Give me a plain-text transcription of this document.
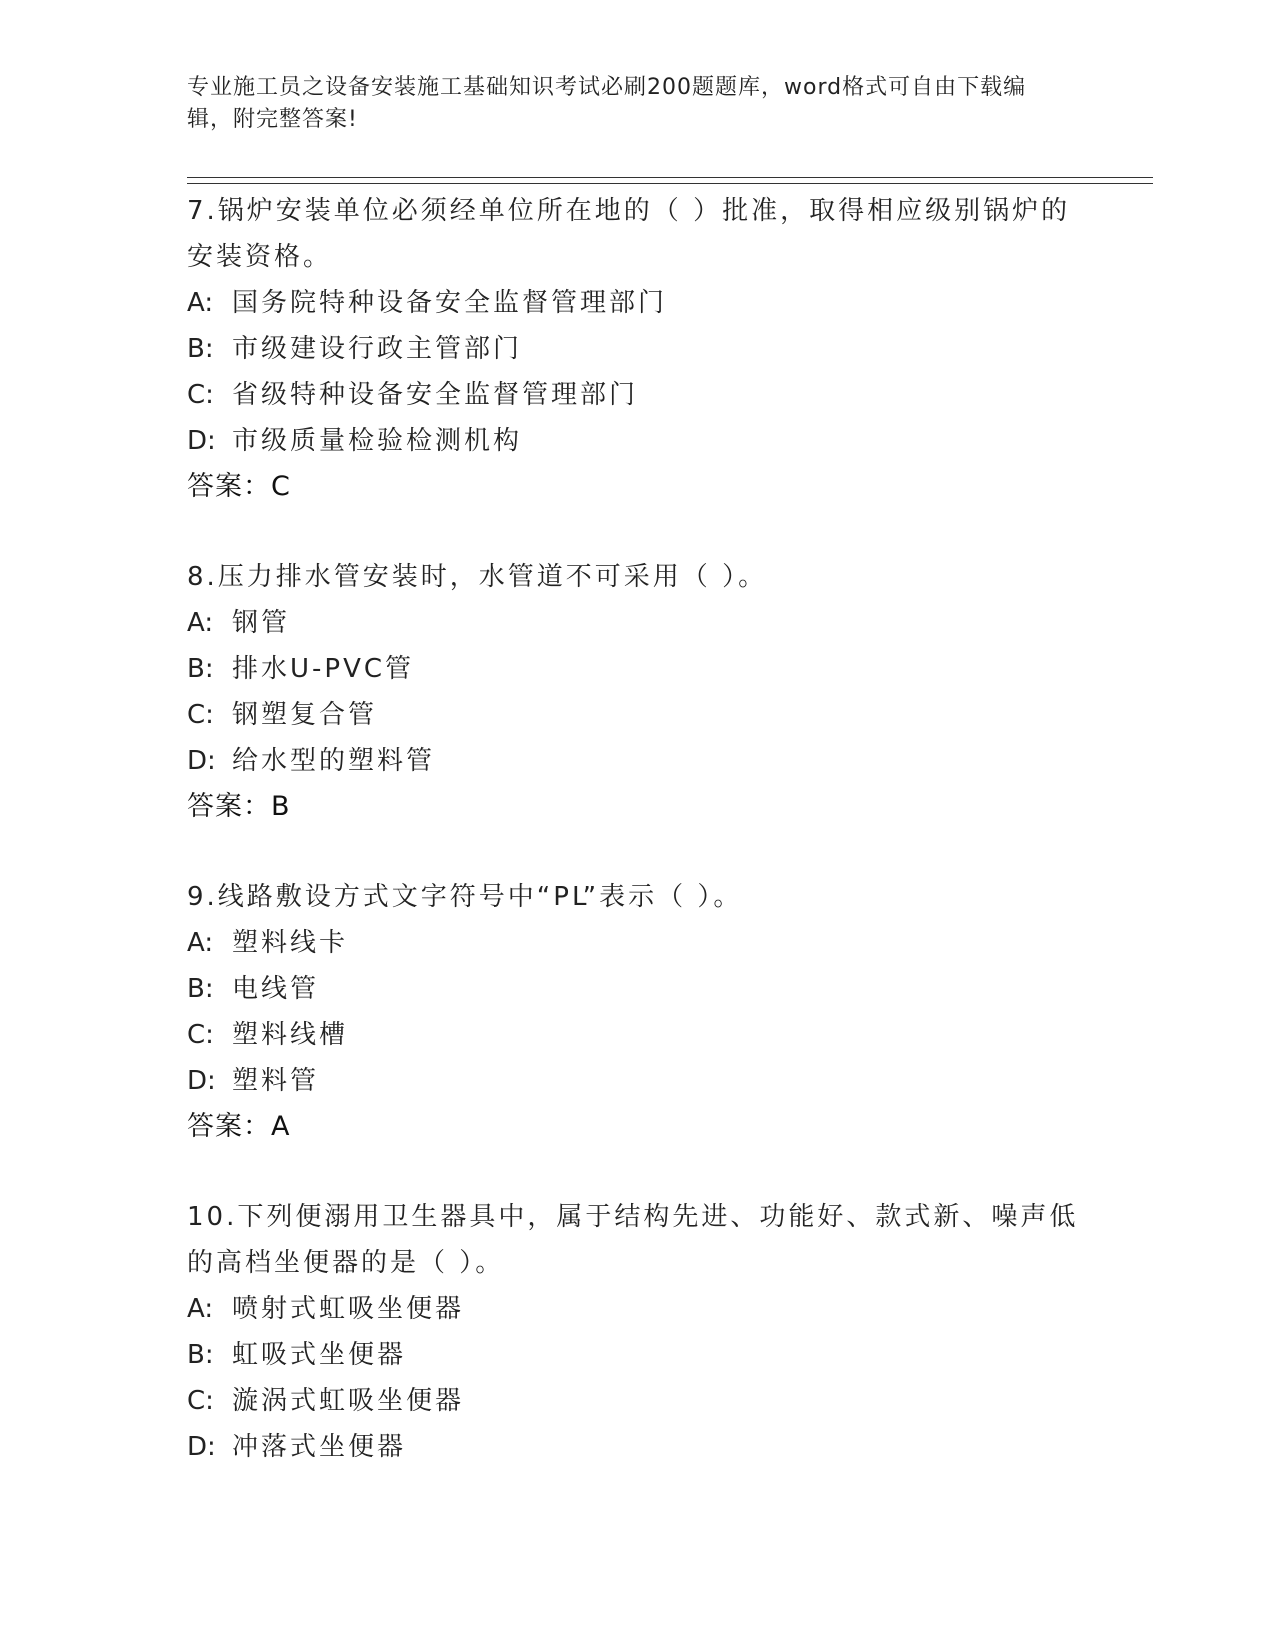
专业施工员之设备安装施工基础知识考试必刷200题题库，word格式可自由下载编辑，附完整答案!
7.锅炉安装单位必须经单位所在地的（ ）批准，取得相应级别锅炉的安装资格。
A: 国务院特种设备安全监督管理部门
B: 市级建设行政主管部门
C: 省级特种设备安全监督管理部门
D: 市级质量检验检测机构
答案：C
8.压力排水管安装时，水管道不可采用（ ）。
A: 钢管
B: 排水U-PVC管
C: 钢塑复合管
D: 给水型的塑料管
答案：B
9.线路敷设方式文字符号中“PL”表示（ ）。
A: 塑料线卡
B: 电线管
C: 塑料线槽
D: 塑料管
答案：A
10.下列便溺用卫生器具中，属于结构先进、功能好、款式新、噪声低的高档坐便器的是（ ）。
A: 喷射式虹吸坐便器
B: 虹吸式坐便器
C: 漩涡式虹吸坐便器
D: 冲落式坐便器
